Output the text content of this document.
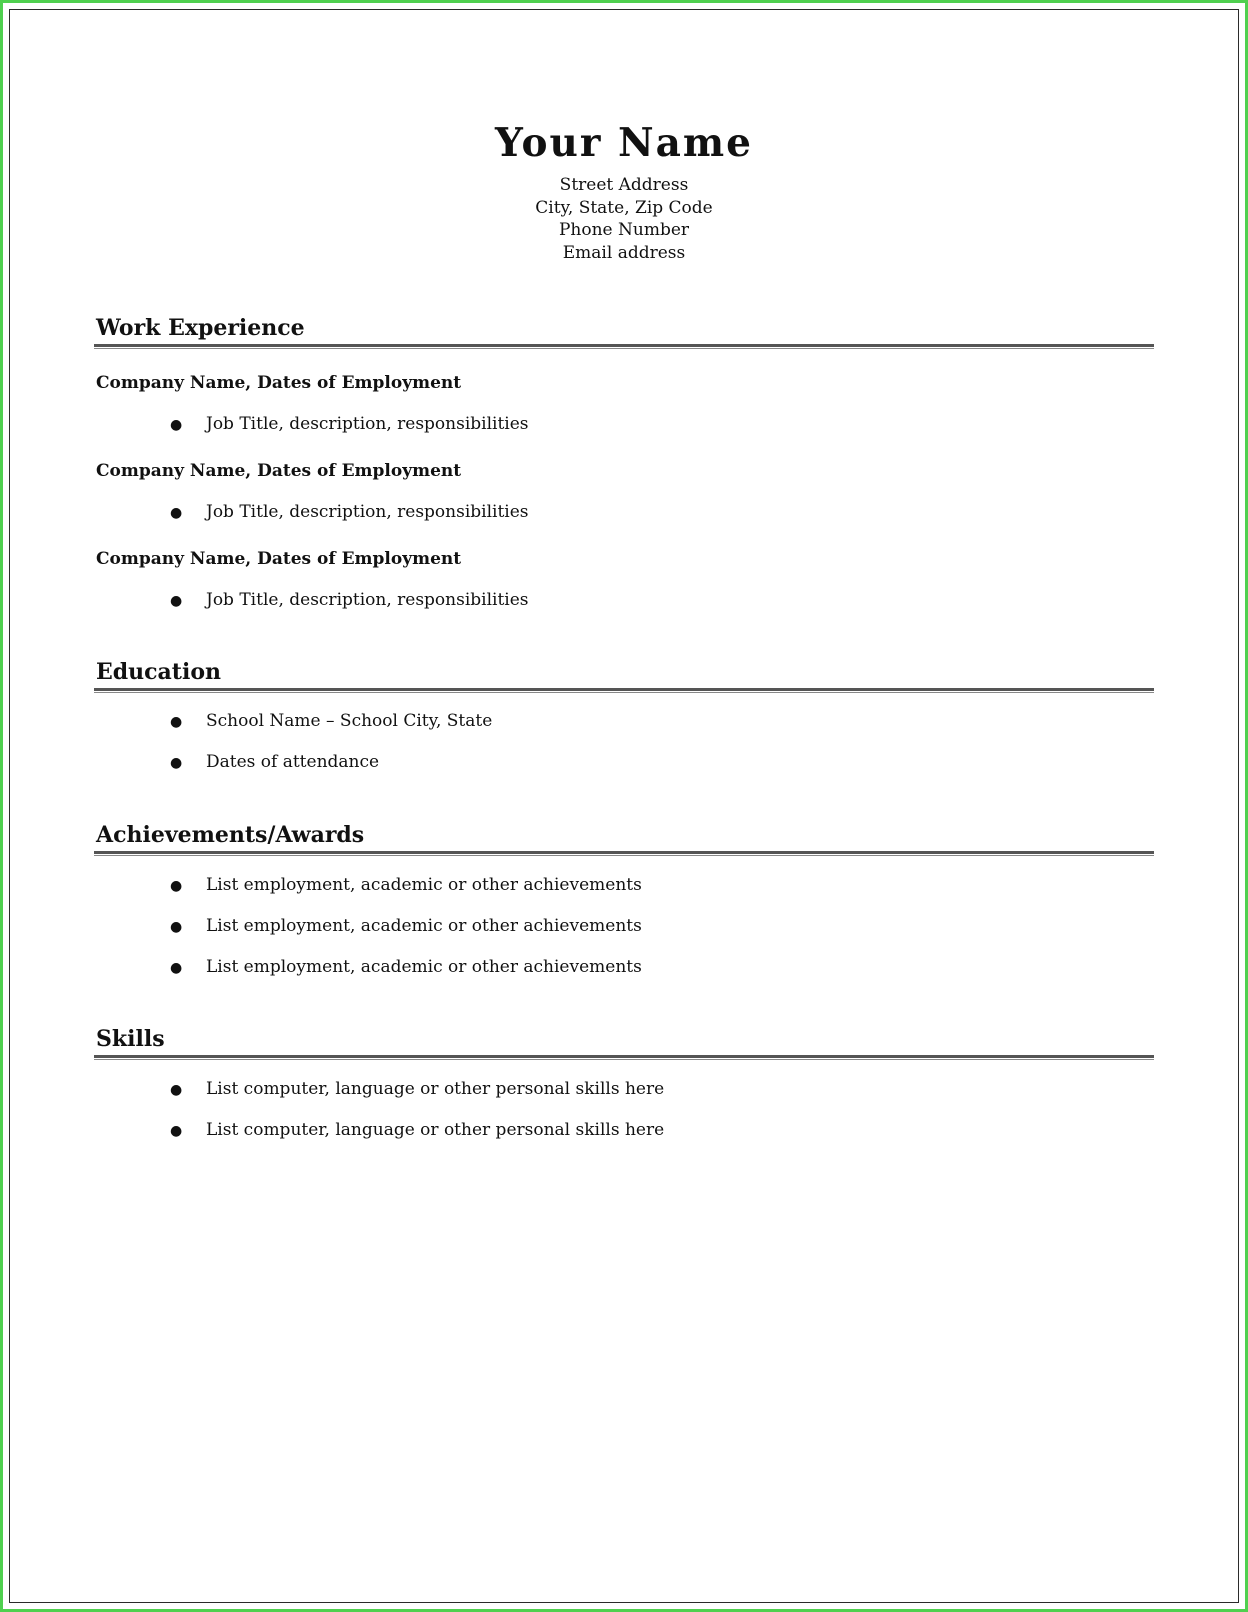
Your Name
Street Address
City, State, Zip Code
Phone Number
Email address
Work Experience
Company Name, Dates of Employment
● Job Title, description, responsibilities
Company Name, Dates of Employment
● Job Title, description, responsibilities
Company Name, Dates of Employment
● Job Title, description, responsibilities
Education
● School Name – School City, State
● Dates of attendance
Achievements/Awards
● List employment, academic or other achievements
● List employment, academic or other achievements
● List employment, academic or other achievements
Skills
● List computer, language or other personal skills here
● List computer, language or other personal skills here
